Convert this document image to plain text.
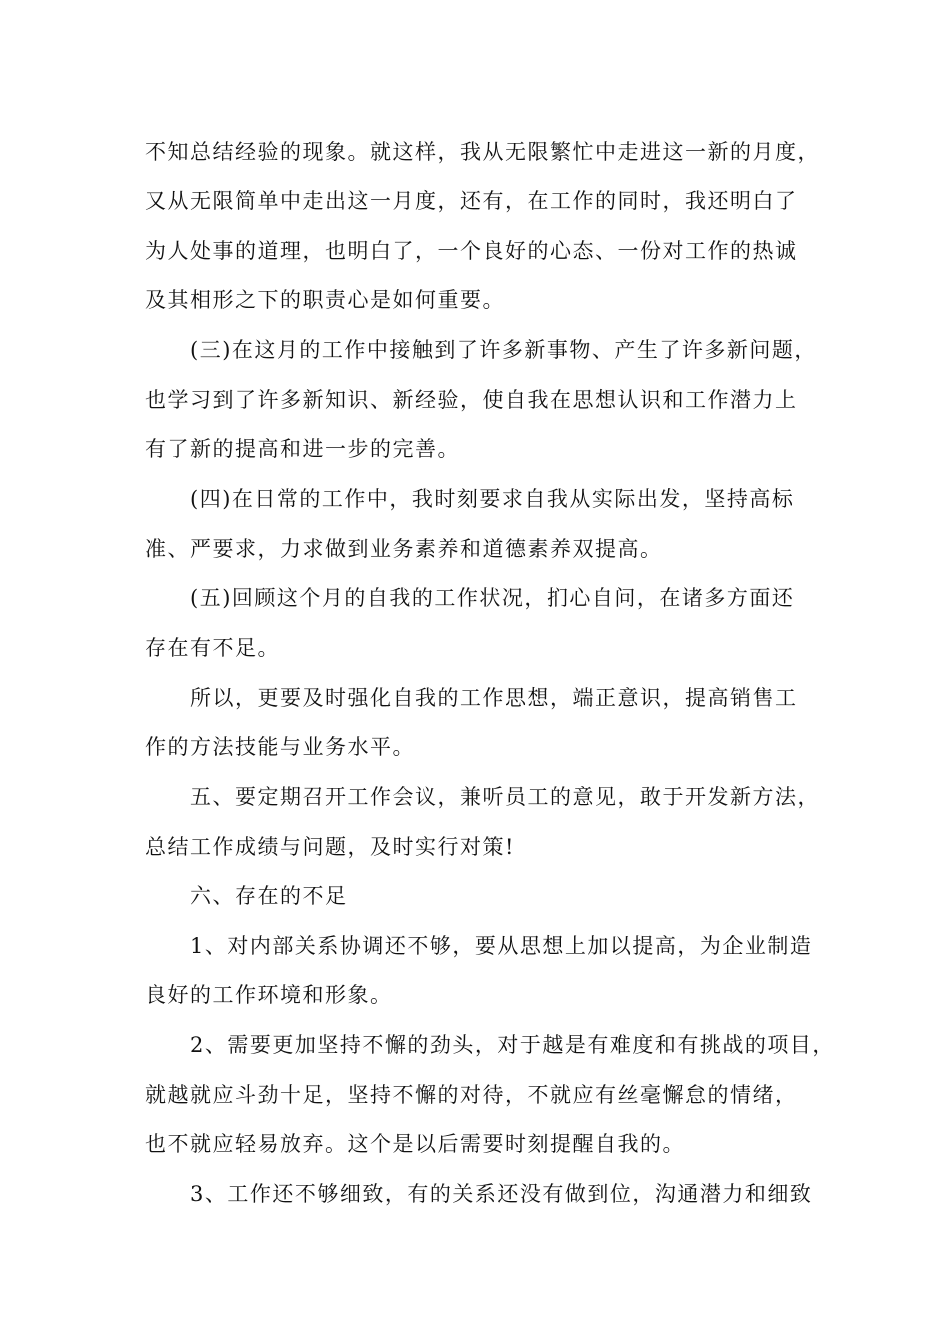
不知总结经验的现象。就这样，我从无限繁忙中走进这一新的月度，
又从无限简单中走出这一月度，还有，在工作的同时，我还明白了
为人处事的道理，也明白了，一个良好的心态、一份对工作的热诚
及其相形之下的职责心是如何重要。
(三)在这月的工作中接触到了许多新事物、产生了许多新问题，
也学习到了许多新知识、新经验，使自我在思想认识和工作潜力上
有了新的提高和进一步的完善。
(四)在日常的工作中，我时刻要求自我从实际出发，坚持高标
准、严要求，力求做到业务素养和道德素养双提高。
(五)回顾这个月的自我的工作状况，扪心自问，在诸多方面还
存在有不足。
所以，更要及时强化自我的工作思想，端正意识，提高销售工
作的方法技能与业务水平。
五、要定期召开工作会议，兼听员工的意见，敢于开发新方法，
总结工作成绩与问题，及时实行对策!
六、存在的不足
1、对内部关系协调还不够，要从思想上加以提高，为企业制造
良好的工作环境和形象。
2、需要更加坚持不懈的劲头，对于越是有难度和有挑战的项目，
就越就应斗劲十足，坚持不懈的对待，不就应有丝毫懈怠的情绪，
也不就应轻易放弃。这个是以后需要时刻提醒自我的。
3、工作还不够细致，有的关系还没有做到位，沟通潜力和细致
